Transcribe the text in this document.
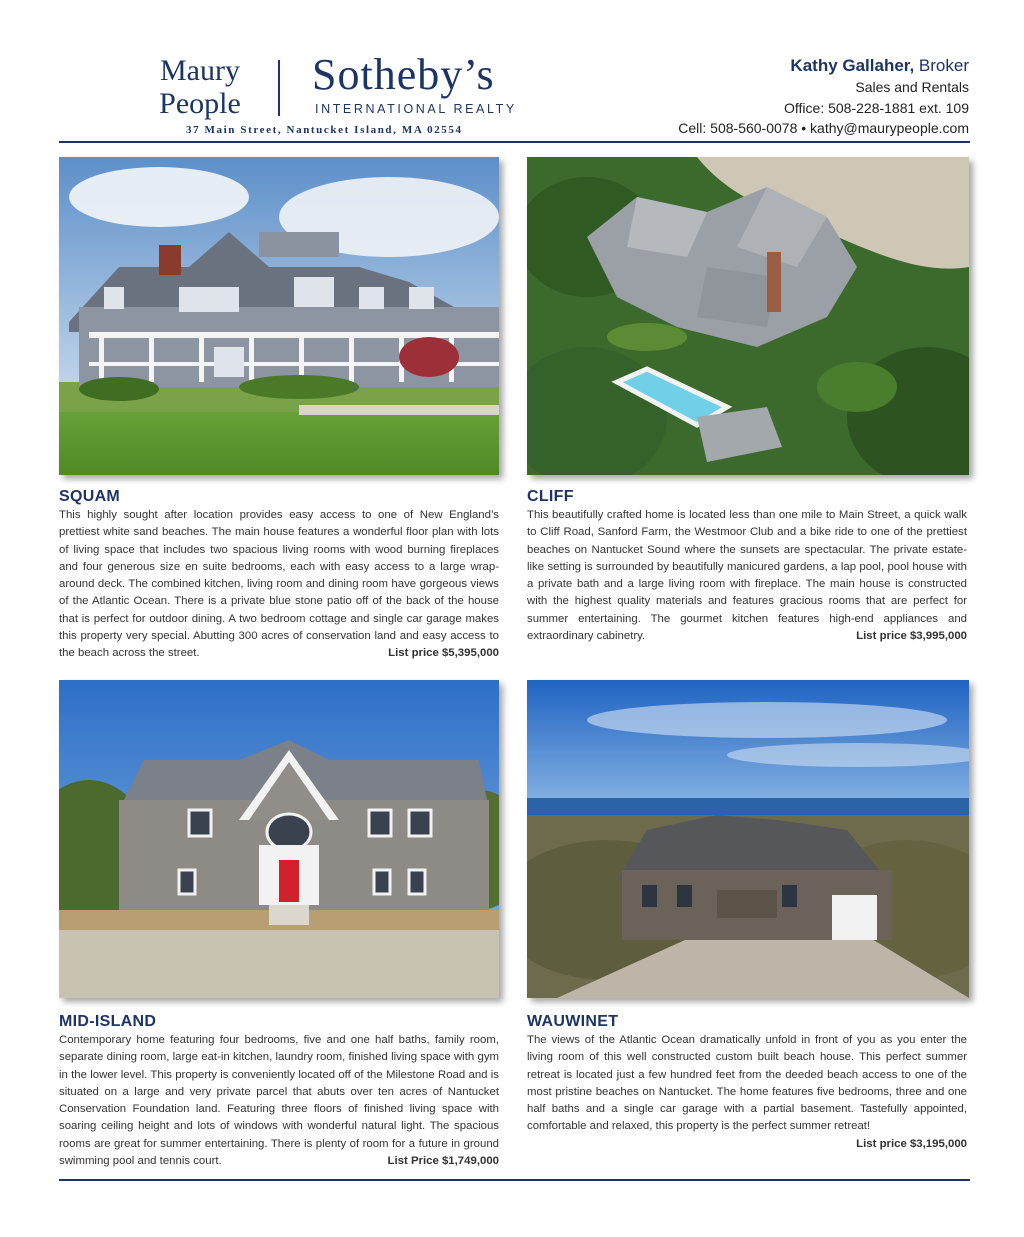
Maury
People
Sotheby’s
INTERNATIONAL REALTY
37 Main Street, Nantucket Island, MA 02554
Kathy Gallaher, Broker
Sales and Rentals
Office: 508-228-1881 ext. 109
Cell: 508-560-0078 • kathy@maurypeople.com
SQUAM

This highly sought after location provides easy access to one of New England’s prettiest white sand beaches. The main house features a wonderful floor plan with lots of living space that includes two spacious living rooms with wood burning fireplaces and four generous size en suite bedrooms, each with easy access to a large wrap-around deck. The combined kitchen, living room and dining room have gorgeous views of the Atlantic Ocean. There is a private blue stone patio off of the back of the house that is perfect for outdoor dining. A two bedroom cottage and single car garage makes this property very special. Abutting 300 acres of conservation land and easy access to the beach across the street.	List price $5,395,000

CLIFF

This beautifully crafted home is located less than one mile to Main Street, a quick walk to Cliff Road, Sanford Farm, the Westmoor Club and a bike ride to one of the prettiest beaches on Nantucket Sound where the sunsets are spectacular. The private estate-like setting is surrounded by beautifully manicured gardens, a lap pool, pool house with a private bath and a large living room with fireplace. The main house is constructed with the highest quality materials and features gracious rooms that are perfect for summer entertaining. The gourmet kitchen features high-end appliances and extraordinary cabinetry.	List price $3,995,000

MID-ISLAND

Contemporary home featuring four bedrooms, five and one half baths, family room, separate dining room, large eat-in kitchen, laundry room, finished living space with gym in the lower level. This property is conveniently located off of the Milestone Road and is situated on a large and very private parcel that abuts over ten acres of Nantucket Conservation Foundation land. Featuring three floors of finished living space with soaring ceiling height and lots of windows with wonderful natural light. The spacious rooms are great for summer entertaining. There is plenty of room for a future in ground swimming pool and tennis court.	List Price $1,749,000

WAUWINET

The views of the Atlantic Ocean dramatically unfold in front of you as you enter the living room of this well constructed custom built beach house. This perfect summer retreat is located just a few hundred feet from the deeded beach access to one of the most pristine beaches on Nantucket. The home features five bedrooms, three and one half baths and a single car garage with a partial basement. Tastefully appointed, comfortable and relaxed, this property is the perfect summer retreat!
List price $3,195,000
